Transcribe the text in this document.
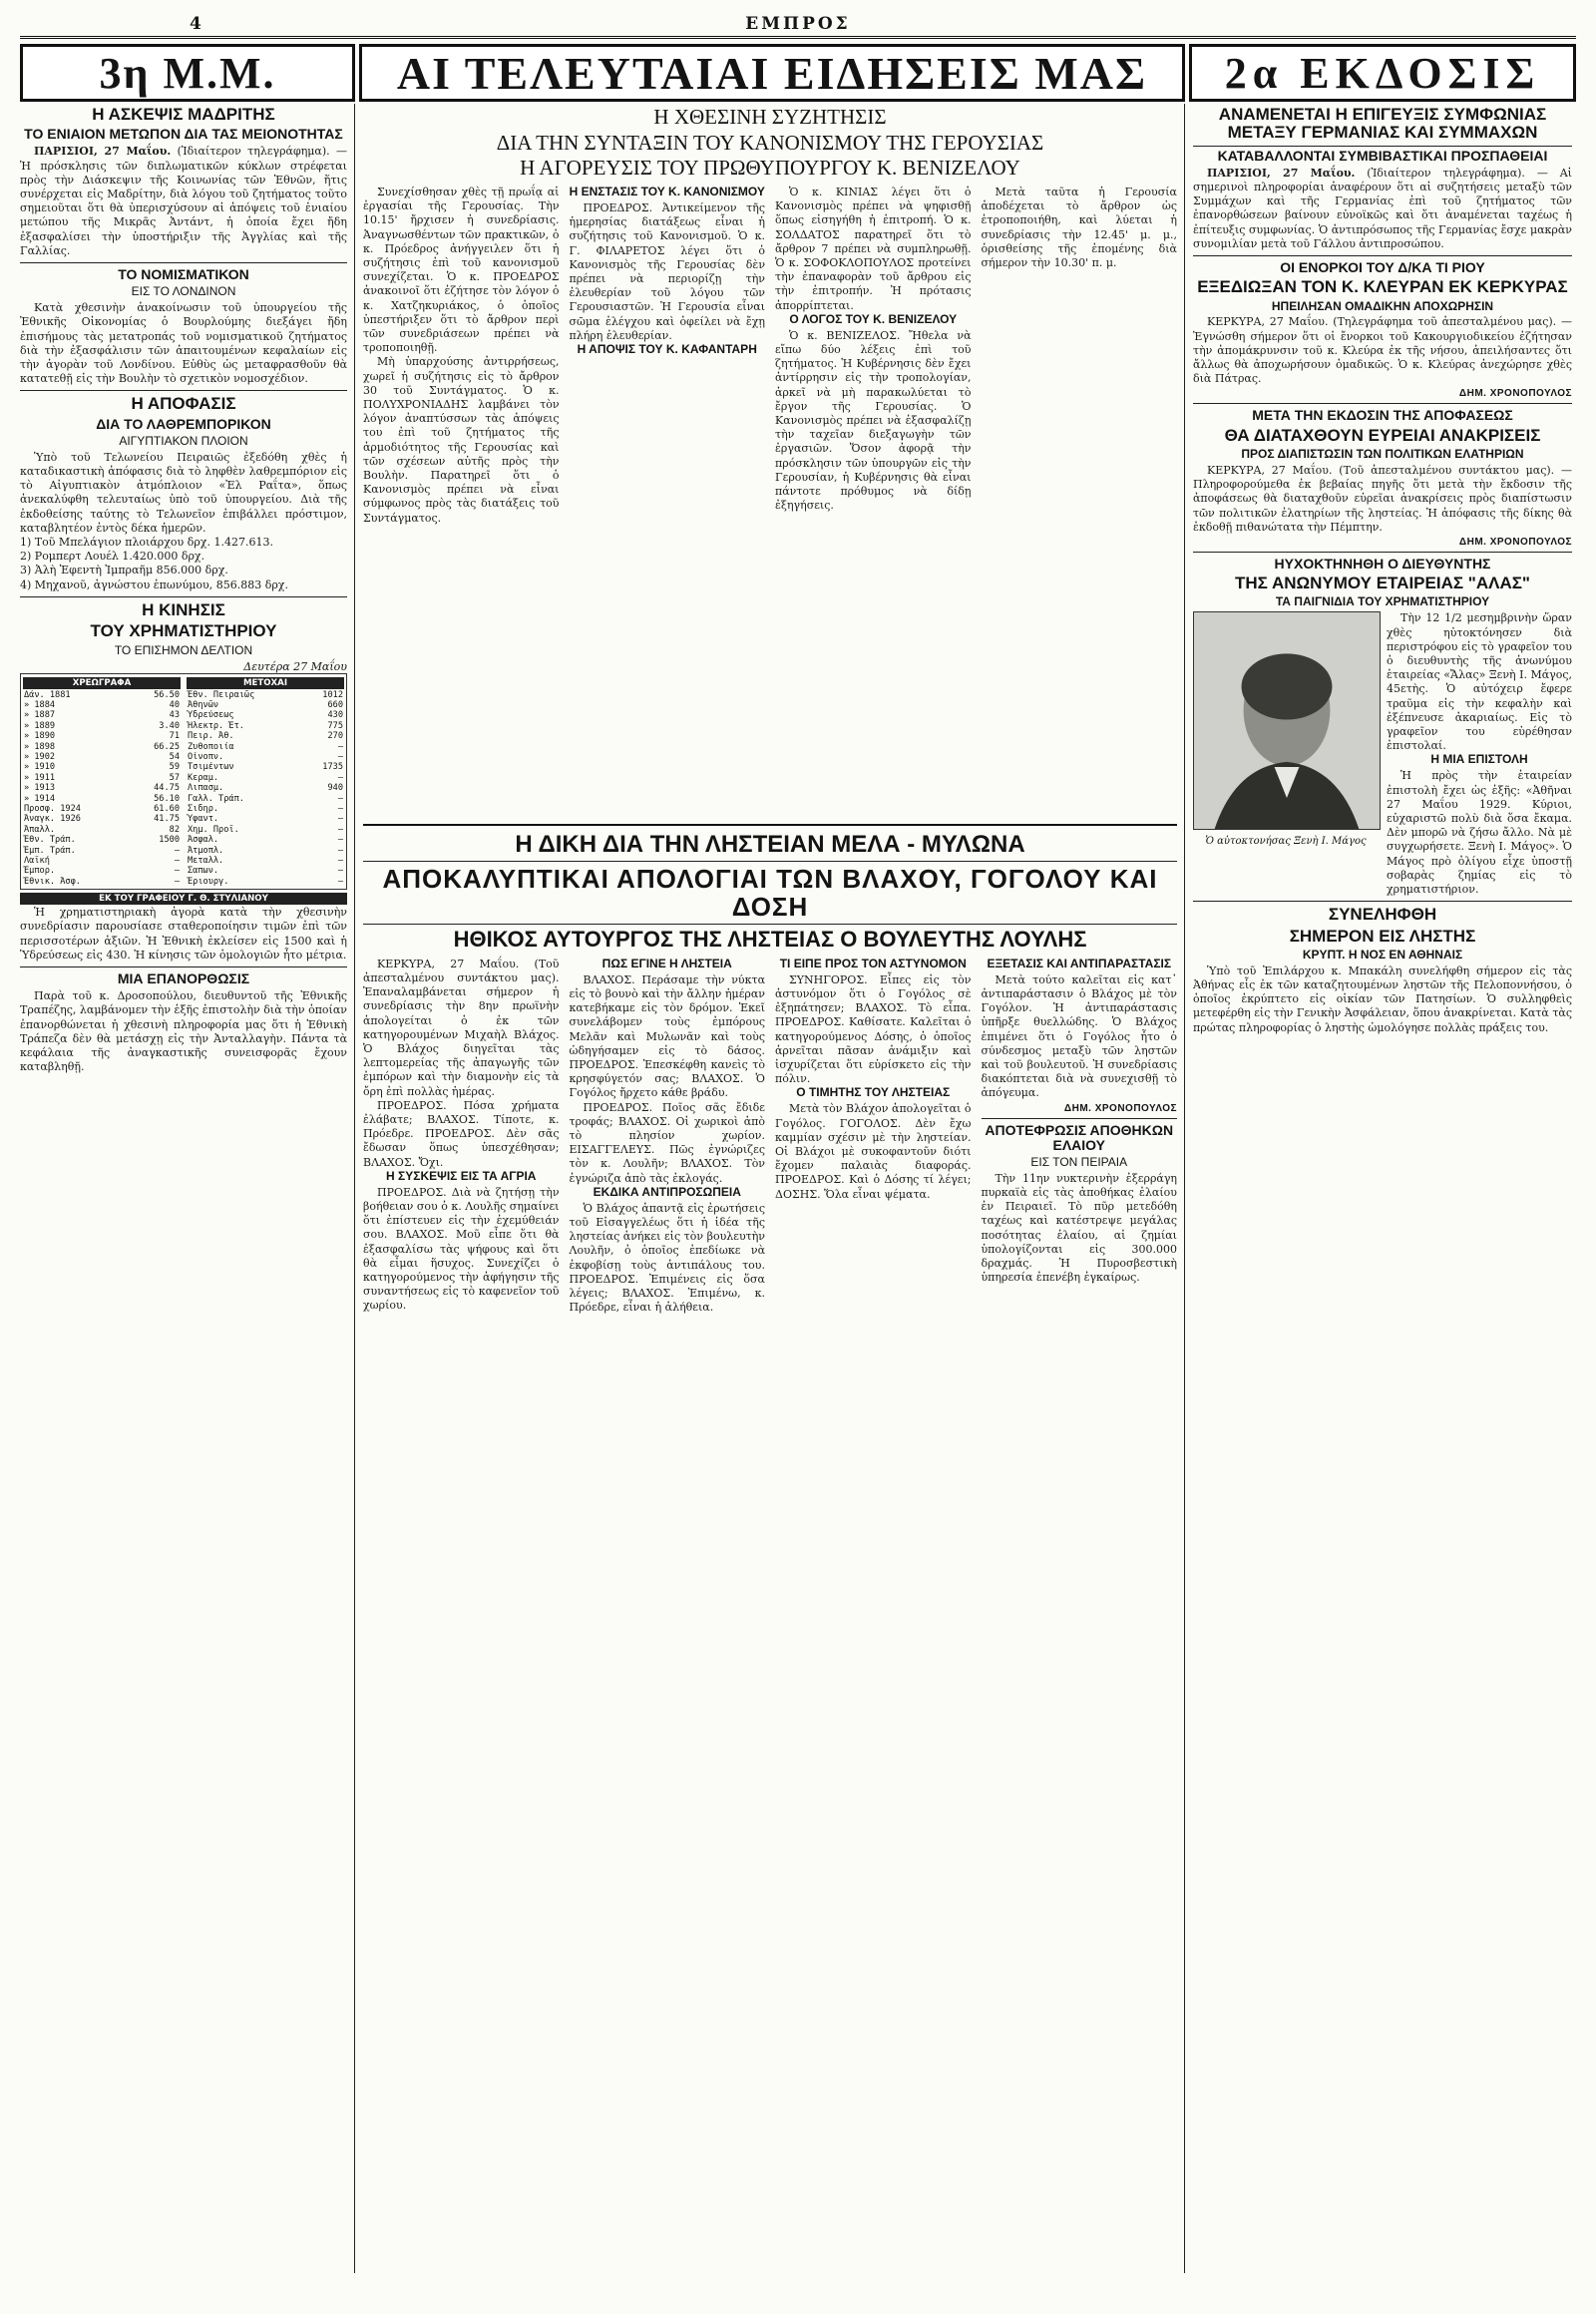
4	ΕΜΠΡΟΣ
3η Μ.Μ.	ΑΙ ΤΕΛΕΥΤΑΙΑΙ ΕΙΔΗΣΕΙΣ ΜΑΣ 2α ΕΚΔΟΣΙΣ
Η ΑΣΚΕΨΙΣ ΜΑΔΡΙΤΗΣ
ΤΟ ΕΝΙΑΙΟΝ ΜΕΤΩΠΟΝ ΔΙΑ ΤΑΣ ΜΕΙΟΝΟΤΗΤΑΣ

ΠΑΡΙΣΙΟΙ, 27 Μαΐου. (Ἰδιαίτερον τηλεγράφημα). — Ἡ πρόσκλησις τῶν διπλωματικῶν κύκλων στρέφεται πρὸς τὴν Διάσκεψιν τῆς Κοινωνίας τῶν Ἐθνῶν, ἥτις συνέρχεται εἰς Μαδρίτην, διὰ λόγου τοῦ ζητήματος τοῦτο σημειοῦται ὅτι θὰ ὑπερισχύσουν αἱ ἀπόψεις τοῦ ἑνιαίου μετώπου τῆς Μικρᾶς Ἀντάντ, ἡ ὁποία ἔχει ἤδη ἐξασφαλίσει τὴν ὑποστήριξιν τῆς Ἀγγλίας καὶ τῆς Γαλλίας.

ΤΟ ΝΟΜΙΣΜΑΤΙΚΟΝ
ΕΙΣ ΤΟ ΛΟΝΔΙΝΟΝ

Κατὰ χθεσινὴν ἀνακοίνωσιν τοῦ ὑπουργείου τῆς Ἐθνικῆς Οἰκονομίας ὁ Βουρλούμης διεξάγει ἤδη ἐπισήμους τὰς μετατροπάς τοῦ νομισματικοῦ ζητήματος διὰ τὴν ἐξασφάλισιν τῶν ἀπαιτουμένων κεφαλαίων εἰς τὴν ἀγορὰν τοῦ Λονδίνου. Εὐθὺς ὡς μεταφρασθοῦν θὰ κατατεθῇ εἰς τὴν Βουλὴν τὸ σχετικὸν νομοσχέδιον.

Η ΑΠΟΦΑΣΙΣ
ΔΙΑ ΤΟ ΛΑΘΡΕΜΠΟΡΙΚΟΝ
ΑΙΓΥΠΤΙΑΚΟΝ ΠΛΟΙΟΝ

Ὑπὸ τοῦ Τελωνείου Πειραιῶς ἐξεδόθη χθὲς ἡ καταδικαστικὴ ἀπόφασις διὰ τὸ ληφθὲν λαθρεμπόριον εἰς τὸ Αἰγυπτιακὸν ἀτμόπλοιον «Ἐλ Ραΐτα», ὅπως ἀνεκαλύφθη τελευταίως ὑπὸ τοῦ ὑπουργείου. Διὰ τῆς ἐκδοθείσης ταύτης τὸ Τελωνεῖον ἐπιβάλλει πρόστιμον, καταβλητέον ἐντὸς δέκα ἡμερῶν.

1) Τοῦ Μπελάγιον πλοιάρχου δρχ. 1.427.613.

2) Ρομπερτ Λουέλ 1.420.000 δρχ.

3) Ἀλὴ Ἐφεντὴ Ἰμπραῆμ 856.000 δρχ.

4) Μηχανοῦ, ἀγνώστου ἐπωνύμου, 856.883 δρχ.

Η ΚΙΝΗΣΙΣ
ΤΟΥ ΧΡΗΜΑΤΙΣΤΗΡΙΟΥ
ΤΟ ΕΠΙΣΗΜΟΝ ΔΕΛΤΙΟΝ
Δευτέρα 27 Μαΐου
ΧΡΕΩΓΡΑΦΑ
Δάν. 1881	56.50
» 1884	40
» 1887	43
» 1889	3.40
» 1890	71
» 1898	66.25
» 1902	54
» 1910	59
» 1911	57
» 1913	44.75
» 1914	56.10
Προσφ. 1924	61.60
Ἀναγκ. 1926	41.75
Ἀπαλλ.	82
Ἐθν. Τράπ.	1500
Ἐμπ. Τράπ.	—
Λαϊκή	—
Ἐμπορ.	—
Ἐθνικ. Ἀσφ.	—
ΜΕΤΟΧΑΙ
Ἐθν. Πειραιῶς	1012
Ἀθηνῶν	660
Ὑδρεύσεως	430
Ἠλεκτρ. Ἐτ.	775
Πειρ. Ἀθ.	270
Ζυθοποιία	—
Οἰνοπν.	—
Τσιμέντων	1735
Κεραμ.	—
Λιπασμ.	940
Γαλλ. Τράπ.	—
Σιδηρ.	—
Ὑφαντ.	—
Χημ. Προϊ.	—
Ἀσφαλ.	—
Ἀτμοπλ.	—
Μεταλλ.	—
Σαπων.	—
Ἐριουργ.	—
ΕΚ ΤΟΥ ΓΡΑΦΕΙΟΥ Γ. Θ. ΣΤΥΛΙΑΝΟΥ

Ἡ χρηματιστηριακὴ ἀγορὰ κατὰ τὴν χθεσινὴν συνεδρίασιν παρουσίασε σταθεροποίησιν τιμῶν ἐπὶ τῶν περισσοτέρων ἀξιῶν. Ἡ Ἐθνικὴ ἐκλείσεν εἰς 1500 καὶ ἡ Ὑδρεύσεως εἰς 430. Ἡ κίνησις τῶν ὁμολογιῶν ἦτο μέτρια.

ΜΙΑ ΕΠΑΝΟΡΘΩΣΙΣ

Παρὰ τοῦ κ. Δροσοπούλου, διευθυντοῦ τῆς Ἐθνικῆς Τραπέζης, λαμβάνομεν τὴν ἑξῆς ἐπιστολὴν διὰ τὴν ὁποίαν ἐπανορθώνεται ἡ χθεσινὴ πληροφορία μας ὅτι ἡ Ἐθνικὴ Τράπεζα δὲν θὰ μετάσχῃ εἰς τὴν Ἀνταλλαγὴν. Πάντα τὰ κεφάλαια τῆς ἀναγκαστικῆς συνεισφορᾶς ἔχουν καταβληθῇ.

Η ΧΘΕΣΙΝΗ ΣΥΖΗΤΗΣΙΣ
ΔΙΑ ΤΗΝ ΣΥΝΤΑΞΙΝ ΤΟΥ ΚΑΝΟΝΙΣΜΟΥ ΤΗΣ ΓΕΡΟΥΣΙΑΣ
Η ΑΓΟΡΕΥΣΙΣ ΤΟΥ ΠΡΩΘΥΠΟΥΡΓΟΥ Κ. ΒΕΝΙΖΕΛΟΥ

Συνεχίσθησαν χθὲς τῇ πρωΐᾳ αἱ ἐργασίαι τῆς Γερουσίας. Τὴν 10.15' ἤρχισεν ἡ συνεδρίασις. Ἀναγνωσθέντων τῶν πρακτικῶν, ὁ κ. Πρόεδρος ἀνήγγειλεν ὅτι ἡ συζήτησις ἐπὶ τοῦ κανονισμοῦ συνεχίζεται. Ὁ κ. ΠΡΟΕΔΡΟΣ ἀνακοινοῖ ὅτι ἐζήτησε τὸν λόγον ὁ κ. Χατζηκυριάκος, ὁ ὁποῖος ὑπεστήριξεν ὅτι τὸ ἄρθρον περὶ τῶν συνεδριάσεων πρέπει νὰ τροποποιηθῇ.

Μὴ ὑπαρχούσης ἀντιρρήσεως, χωρεῖ ἡ συζήτησις εἰς τὸ ἄρθρον 30 τοῦ Συντάγματος. Ὁ κ. ΠΟΛΥΧΡΟΝΙΑΔΗΣ λαμβάνει τὸν λόγον ἀναπτύσσων τὰς ἀπόψεις του ἐπὶ τοῦ ζητήματος τῆς ἀρμοδιότητος τῆς Γερουσίας καὶ τῶν σχέσεων αὐτῆς πρὸς τὴν Βουλὴν. Παρατηρεῖ ὅτι ὁ Κανονισμὸς πρέπει νὰ εἶναι σύμφωνος πρὸς τὰς διατάξεις τοῦ Συντάγματος.

Η ΕΝΣΤΑΣΙΣ ΤΟΥ Κ. ΚΑΝΟΝΙΣΜΟΥ

ΠΡΟΕΔΡΟΣ. Ἀντικείμενον τῆς ἡμερησίας διατάξεως εἶναι ἡ συζήτησις τοῦ Κανονισμοῦ. Ὁ κ. Γ. ΦΙΛΑΡΕΤΟΣ λέγει ὅτι ὁ Κανονισμὸς τῆς Γερουσίας δὲν πρέπει νὰ περιορίζῃ τὴν ἐλευθερίαν τοῦ λόγου τῶν Γερουσιαστῶν. Ἡ Γερουσία εἶναι σῶμα ἐλέγχου καὶ ὀφείλει νὰ ἔχῃ πλήρη ἐλευθερίαν.

Η ΑΠΟΨΙΣ ΤΟΥ Κ. ΚΑΦΑΝΤΑΡΗ

Ὁ κ. ΚΙΝΙΑΣ λέγει ὅτι ὁ Κανονισμὸς πρέπει νὰ ψηφισθῇ ὅπως εἰσηγήθη ἡ ἐπιτροπή. Ὁ κ. ΣΟΛΔΑΤΟΣ παρατηρεῖ ὅτι τὸ ἄρθρον 7 πρέπει νὰ συμπληρωθῇ. Ὁ κ. ΣΟΦΟΚΛΟΠΟΥΛΟΣ προτείνει τὴν ἐπαναφορὰν τοῦ ἄρθρου εἰς τὴν ἐπιτροπήν. Ἡ πρότασις ἀπορρίπτεται.

Ο ΛΟΓΟΣ ΤΟΥ Κ. ΒΕΝΙΖΕΛΟΥ

Ὁ κ. ΒΕΝΙΖΕΛΟΣ. Ἤθελα νὰ εἴπω δύο λέξεις ἐπὶ τοῦ ζητήματος. Ἡ Κυβέρνησις δὲν ἔχει ἀντίρρησιν εἰς τὴν τροπολογίαν, ἀρκεῖ νὰ μὴ παρακωλύεται τὸ ἔργον τῆς Γερουσίας. Ὁ Κανονισμὸς πρέπει νὰ ἐξασφαλίζῃ τὴν ταχεῖαν διεξαγωγὴν τῶν ἐργασιῶν. Ὅσον ἀφορᾷ τὴν πρόσκλησιν τῶν ὑπουργῶν εἰς τὴν Γερουσίαν, ἡ Κυβέρνησις θὰ εἶναι πάντοτε πρόθυμος νὰ δίδῃ ἐξηγήσεις.

Μετὰ ταῦτα ἡ Γερουσία ἀποδέχεται τὸ ἄρθρον ὡς ἐτροποποιήθη, καὶ λύεται ἡ συνεδρίασις τὴν 12.45' μ. μ., ὁρισθείσης τῆς ἑπομένης διὰ σήμερον τὴν 10.30' π. μ.

Η ΔΙΚΗ ΔΙΑ ΤΗΝ ΛΗΣΤΕΙΑΝ ΜΕΛΑ - ΜΥΛΩΝΑ
ΑΠΟΚΑΛΥΠΤΙΚΑΙ ΑΠΟΛΟΓΙΑΙ ΤΩΝ ΒΛΑΧΟΥ, ΓΟΓΟΛΟΥ ΚΑΙ ΔΟΣΗ
ΗΘΙΚΟΣ ΑΥΤΟΥΡΓΟΣ ΤΗΣ ΛΗΣΤΕΙΑΣ Ο ΒΟΥΛΕΥΤΗΣ ΛΟΥΛΗΣ

ΚΕΡΚΥΡΑ, 27 Μαΐου. (Τοῦ ἀπεσταλμένου συντάκτου μας). Ἐπαναλαμβάνεται σήμερον ἡ συνεδρίασις τὴν 8ην πρωϊνὴν ἀπολογείται ὁ ἐκ τῶν κατηγορουμένων Μιχαὴλ Βλάχος. Ὁ Βλάχος διηγεῖται τὰς λεπτομερείας τῆς ἀπαγωγῆς τῶν ἐμπόρων καὶ τὴν διαμονὴν εἰς τὰ ὄρη ἐπὶ πολλὰς ἡμέρας.

ΠΡΟΕΔΡΟΣ. Πόσα χρήματα ἐλάβατε; ΒΛΑΧΟΣ. Τίποτε, κ. Πρόεδρε. ΠΡΟΕΔΡΟΣ. Δὲν σᾶς ἔδωσαν ὅπως ὑπεσχέθησαν; ΒΛΑΧΟΣ. Ὄχι.

Η ΣΥΣΚΕΨΙΣ ΕΙΣ ΤΑ ΑΓΡΙΑ

ΠΡΟΕΔΡΟΣ. Διὰ νὰ ζητήσῃ τὴν βοήθειαν σου ὁ κ. Λουλῆς σημαίνει ὅτι ἐπίστευεν εἰς τὴν ἐχεμύθειάν σου. ΒΛΑΧΟΣ. Μοῦ εἶπε ὅτι θὰ ἐξασφαλίσω τὰς ψήφους καὶ ὅτι θὰ εἶμαι ἥσυχος. Συνεχίζει ὁ κατηγορούμενος τὴν ἀφήγησιν τῆς συναντήσεως εἰς τὸ καφενεῖον τοῦ χωρίου.

ΠΩΣ ΕΓΙΝΕ Η ΛΗΣΤΕΙΑ

ΒΛΑΧΟΣ. Περάσαμε τὴν νύκτα εἰς τὸ βουνὸ καὶ τὴν ἄλλην ἡμέραν κατεβήκαμε εἰς τὸν δρόμον. Ἐκεῖ συνελάβομεν τοὺς ἐμπόρους Μελᾶν καὶ Μυλωνᾶν καὶ τοὺς ὡδηγήσαμεν εἰς τὸ δάσος. ΠΡΟΕΔΡΟΣ. Ἐπεσκέφθη κανεὶς τὸ κρησφύγετόν σας; ΒΛΑΧΟΣ. Ὁ Γογόλος ἤρχετο κάθε βράδυ.

ΠΡΟΕΔΡΟΣ. Ποῖος σᾶς ἔδιδε τροφάς; ΒΛΑΧΟΣ. Οἱ χωρικοὶ ἀπὸ τὸ πλησίον χωρίον. ΕΙΣΑΓΓΕΛΕΥΣ. Πῶς ἐγνώριζες τὸν κ. Λουλῆν; ΒΛΑΧΟΣ. Τὸν ἐγνώριζα ἀπὸ τὰς ἐκλογάς.

ΕΚΔΙΚΑ ΑΝΤΙΠΡΟΣΩΠΕΙΑ

Ὁ Βλάχος ἀπαντᾷ εἰς ἐρωτήσεις τοῦ Εἰσαγγελέως ὅτι ἡ ἰδέα τῆς ληστείας ἀνήκει εἰς τὸν βουλευτὴν Λουλῆν, ὁ ὁποῖος ἐπεδίωκε νὰ ἐκφοβίσῃ τοὺς ἀντιπάλους του. ΠΡΟΕΔΡΟΣ. Ἐπιμένεις εἰς ὅσα λέγεις; ΒΛΑΧΟΣ. Ἐπιμένω, κ. Πρόεδρε, εἶναι ἡ ἀλήθεια.

ΤΙ ΕΙΠΕ ΠΡΟΣ ΤΟΝ ΑΣΤΥΝΟΜΟΝ

ΣΥΝΗΓΟΡΟΣ. Εἶπες εἰς τὸν ἀστυνόμον ὅτι ὁ Γογόλος σὲ ἐξηπάτησεν; ΒΛΑΧΟΣ. Τὸ εἶπα. ΠΡΟΕΔΡΟΣ. Καθίσατε. Καλεῖται ὁ κατηγορούμενος Δόσης, ὁ ὁποῖος ἀρνεῖται πᾶσαν ἀνάμιξιν καὶ ἰσχυρίζεται ὅτι εὑρίσκετο εἰς τὴν πόλιν.

Ο ΤΙΜΗΤΗΣ ΤΟΥ ΛΗΣΤΕΙΑΣ

Μετὰ τὸν Βλάχον ἀπολογεῖται ὁ Γογόλος. ΓΟΓΟΛΟΣ. Δὲν ἔχω καμμίαν σχέσιν μὲ τὴν ληστείαν. Οἱ Βλάχοι μὲ συκοφαντοῦν διότι ἔχομεν παλαιὰς διαφοράς. ΠΡΟΕΔΡΟΣ. Καὶ ὁ Δόσης τί λέγει; ΔΟΣΗΣ. Ὅλα εἶναι ψέματα.

ΕΞΕΤΑΣΙΣ ΚΑΙ ΑΝΤΙΠΑΡΑΣΤΑΣΙΣ

Μετὰ τούτο καλεῖται εἰς κατ᾽ ἀντιπαράστασιν ὁ Βλάχος μὲ τὸν Γογόλον. Ἡ ἀντιπαράστασις ὑπῆρξε θυελλώδης. Ὁ Βλάχος ἐπιμένει ὅτι ὁ Γογόλος ἦτο ὁ σύνδεσμος μεταξὺ τῶν ληστῶν καὶ τοῦ βουλευτοῦ. Ἡ συνεδρίασις διακόπτεται διὰ νὰ συνεχισθῇ τὸ ἀπόγευμα.

ΔΗΜ. ΧΡΟΝΟΠΟΥΛΟΣ
ΑΠΟΤΕΦΡΩΣΙΣ ΑΠΟΘΗΚΩΝ ΕΛΑΙΟΥ
ΕΙΣ ΤΟΝ ΠΕΙΡΑΙΑ

Τὴν 11ην νυκτερινὴν ἐξερράγη πυρκαϊὰ εἰς τὰς ἀποθήκας ἐλαίου ἐν Πειραιεῖ. Τὸ πῦρ μετεδόθη ταχέως καὶ κατέστρεψε μεγάλας ποσότητας ἐλαίου, αἱ ζημίαι ὑπολογίζονται εἰς 300.000 δραχμάς. Ἡ Πυροσβεστικὴ ὑπηρεσία ἐπενέβη ἐγκαίρως.

ΑΝΑΜΕΝΕΤΑΙ Η ΕΠΙΓΕΥΞΙΣ ΣΥΜΦΩΝΙΑΣ ΜΕΤΑΞΥ ΓΕΡΜΑΝΙΑΣ ΚΑΙ ΣΥΜΜΑΧΩΝ
ΚΑΤΑΒΑΛΛΟΝΤΑΙ ΣΥΜΒΙΒΑΣΤΙΚΑΙ ΠΡΟΣΠΑΘΕΙΑΙ

ΠΑΡΙΣΙΟΙ, 27 Μαΐου. (Ἰδιαίτερον τηλεγράφημα). — Αἱ σημερινοὶ πληροφορίαι ἀναφέρουν ὅτι αἱ συζητήσεις μεταξὺ τῶν Συμμάχων καὶ τῆς Γερμανίας ἐπὶ τοῦ ζητήματος τῶν ἐπανορθώσεων βαίνουν εὐνοϊκῶς καὶ ὅτι ἀναμένεται ταχέως ἡ ἐπίτευξις συμφωνίας. Ὁ ἀντιπρόσωπος τῆς Γερμανίας ἔσχε μακρὰν συνομιλίαν μετὰ τοῦ Γάλλου ἀντιπροσώπου.

ΟΙ ΕΝΟΡΚΟΙ ΤΟΥ Δ/ΚΑ ΤΙ ΡΙΟΥ
ΕΞΕΔΙΩΞΑΝ ΤΟΝ Κ. ΚΛΕΥΡΑΝ ΕΚ ΚΕΡΚΥΡΑΣ
ΗΠΕΙΛΗΣΑΝ ΟΜΑΔΙΚΗΝ ΑΠΟΧΩΡΗΣΙΝ

ΚΕΡΚΥΡΑ, 27 Μαΐου. (Τηλεγράφημα τοῦ ἀπεσταλμένου μας). — Ἐγνώσθη σήμερον ὅτι οἱ ἔνορκοι τοῦ Κακουργιοδικείου ἐζήτησαν τὴν ἀπομάκρυνσιν τοῦ κ. Κλεύρα ἐκ τῆς νήσου, ἀπειλήσαντες ὅτι ἄλλως θὰ ἀποχωρήσουν ὁμαδικῶς. Ὁ κ. Κλεύρας ἀνεχώρησε χθὲς διὰ Πάτρας.

ΔΗΜ. ΧΡΟΝΟΠΟΥΛΟΣ
ΜΕΤΑ ΤΗΝ ΕΚΔΟΣΙΝ ΤΗΣ ΑΠΟΦΑΣΕΩΣ
ΘΑ ΔΙΑΤΑΧΘΟΥΝ ΕΥΡΕΙΑΙ ΑΝΑΚΡΙΣΕΙΣ
ΠΡΟΣ ΔΙΑΠΙΣΤΩΣΙΝ ΤΩΝ ΠΟΛΙΤΙΚΩΝ ΕΛΑΤΗΡΙΩΝ

ΚΕΡΚΥΡΑ, 27 Μαΐου. (Τοῦ ἀπεσταλμένου συντάκτου μας). — Πληροφορούμεθα ἐκ βεβαίας πηγῆς ὅτι μετὰ τὴν ἔκδοσιν τῆς ἀποφάσεως θὰ διαταχθοῦν εὐρεῖαι ἀνακρίσεις πρὸς διαπίστωσιν τῶν πολιτικῶν ἐλατηρίων τῆς ληστείας. Ἡ ἀπόφασις τῆς δίκης θὰ ἐκδοθῇ πιθανώτατα τὴν Πέμπτην.

ΔΗΜ. ΧΡΟΝΟΠΟΥΛΟΣ
ΗΥΧΟΚΤΗΝΗΘΗ Ο ΔΙΕΥΘΥΝΤΗΣ
ΤΗΣ ΑΝΩΝΥΜΟΥ ΕΤΑΙΡΕΙΑΣ "ΑΛΑΣ"
ΤΑ ΠΑΙΓΝΙΔΙΑ ΤΟΥ ΧΡΗΜΑΤΙΣΤΗΡΙΟΥ
Ὁ αὐτοκτονήσας Ξενὴ Ι. Μάγος

Τὴν 12 1/2 μεσημβρινὴν ὥραν χθὲς ηὐτοκτόνησεν διὰ περιστρόφου εἰς τὸ γραφεῖον του ὁ διευθυντὴς τῆς ἀνωνύμου ἑταιρείας «Ἄλας» Ξενὴ Ι. Μάγος, 45ετὴς. Ὁ αὐτόχειρ ἔφερε τραῦμα εἰς τὴν κεφαλὴν καὶ ἐξέπνευσε ἀκαριαίως. Εἰς τὸ γραφεῖον του εὑρέθησαν ἐπιστολαί.

Η ΜΙΑ ΕΠΙΣΤΟΛΗ

Ἡ πρὸς τὴν ἑταιρείαν ἐπιστολὴ ἔχει ὡς ἑξῆς: «Ἀθῆναι 27 Μαΐου 1929. Κύριοι, εὐχαριστῶ πολὺ διὰ ὅσα ἔκαμα. Δὲν μπορῶ νὰ ζήσω ἄλλο. Νὰ μὲ συγχωρήσετε. Ξενὴ Ι. Μάγος». Ὁ Μάγος πρὸ ὀλίγου εἶχε ὑποστῇ σοβαρὰς ζημίας εἰς τὸ χρηματιστήριον.

ΣΥΝΕΛΗΦΘΗ
ΣΗΜΕΡΟΝ ΕΙΣ ΛΗΣΤΗΣ
ΚΡΥΠΤ. Η ΝΟΣ ΕΝ ΑΘΗΝΑΙΣ

Ὑπὸ τοῦ Ἐπιλάρχου κ. Μπακάλη συνελήφθη σήμερον εἰς τὰς Ἀθήνας εἷς ἐκ τῶν καταζητουμένων ληστῶν τῆς Πελοποννήσου, ὁ ὁποῖος ἐκρύπτετο εἰς οἰκίαν τῶν Πατησίων. Ὁ συλληφθεὶς μετεφέρθη εἰς τὴν Γενικὴν Ἀσφάλειαν, ὅπου ἀνακρίνεται. Κατὰ τὰς πρώτας πληροφορίας ὁ ληστὴς ὡμολόγησε πολλὰς πράξεις του.
